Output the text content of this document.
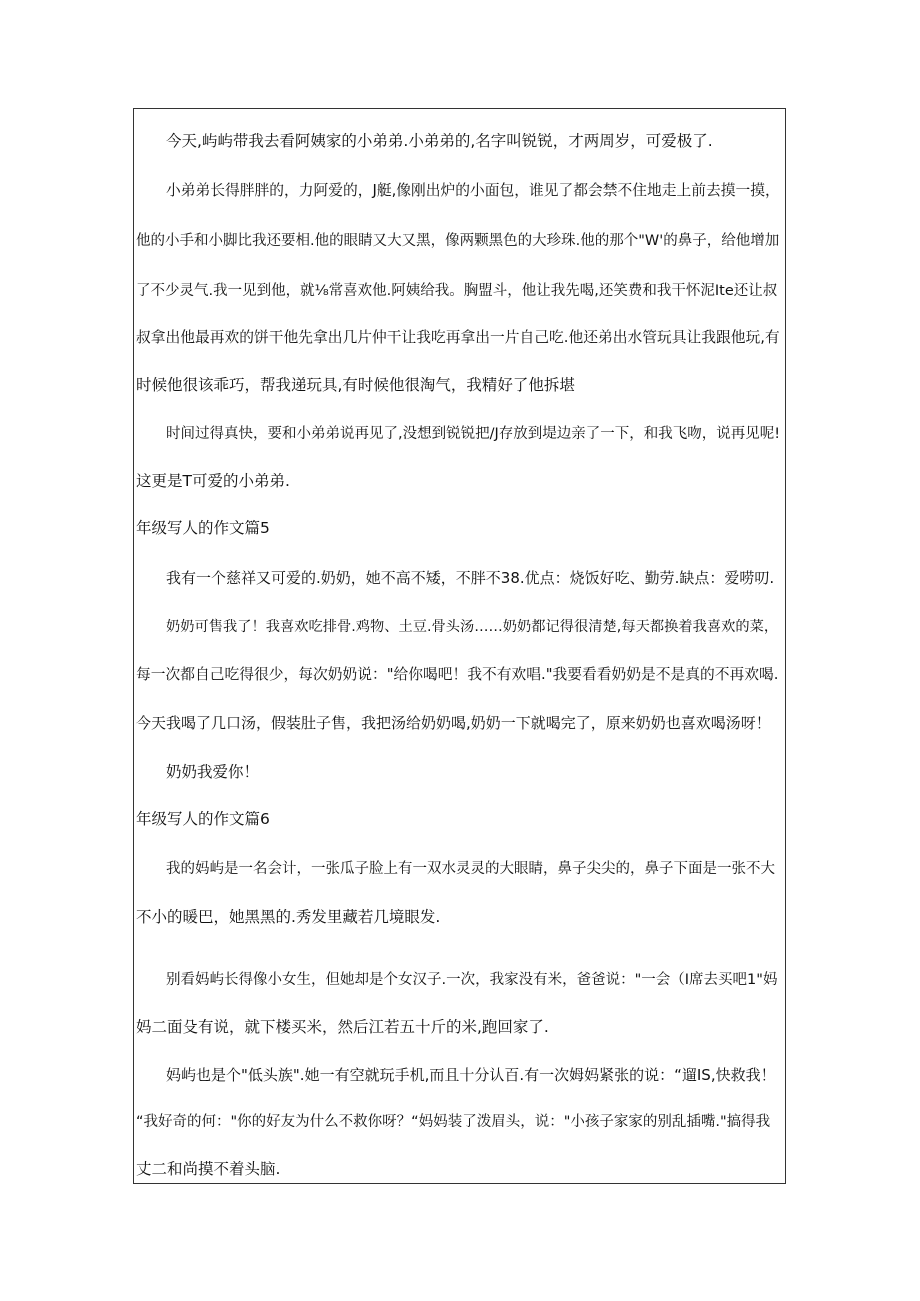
今天,屿屿带我去看阿姨家的小弟弟.小弟弟的,名字叫锐锐，才两周岁，可爱极了.
小弟弟长得胖胖的，力阿爱的，J艇,像刚出炉的小面包，谁见了都会禁不住地走上前去摸一摸，
他的小手和小脚比我还要相.他的眼睛又大又黑，像两颗黑色的大珍珠.他的那个"W'的鼻子，给他增加
了不少灵气.我一见到他，就⅛常喜欢他.阿姨给我。胸盟斗，他让我先喝,还笑费和我干怀泥Ite还让叔
叔拿出他最再欢的饼干他先拿出几片仲干让我吃再拿出一片自己吃.他还弟出水管玩具让我跟他玩,有
时候他很该乖巧，帮我递玩具,有时候他很淘气，我精好了他拆堪
时间过得真快，要和小弟弟说再见了,没想到锐锐把/J存放到堤边亲了一下，和我飞吻，说再见呢!
这更是T可爱的小弟弟.
年级写人的作文篇5
我有一个慈祥又可爱的.奶奶，她不高不矮，不胖不38.优点：烧饭好吃、勤劳.缺点：爱唠叨.
奶奶可售我了！我喜欢吃排骨.鸡物、土豆.骨头汤……奶奶都记得很清楚,每天都换着我喜欢的菜，
每一次都自己吃得很少，每次奶奶说："给你喝吧！我不有欢唱."我要看看奶奶是不是真的不再欢喝.
今天我喝了几口汤，假装肚子售，我把汤给奶奶喝,奶奶一下就喝完了，原来奶奶也喜欢喝汤呀！
奶奶我爱你！
年级写人的作文篇6
我的妈屿是一名会计，一张瓜子脸上有一双水灵灵的大眼睛，鼻子尖尖的，鼻子下面是一张不大
不小的暖巴，她黑黑的.秀发里藏若几境眼发.
别看妈屿长得像小女生，但她却是个女汉子.一次，我家没有米，爸爸说："一会（I席去买吧1"妈
妈二面殳有说，就下楼买米，然后江若五十斤的米,跑回家了.
妈屿也是个"低头族".她一有空就玩手机,而且十分认百.有一次姆妈紧张的说：“遛IS,快救我！
“我好奇的何："你的好友为什么不救你呀？“妈妈装了泼眉头，说："小孩子家家的别乱插嘴."搞得我
丈二和尚摸不着头脑.
